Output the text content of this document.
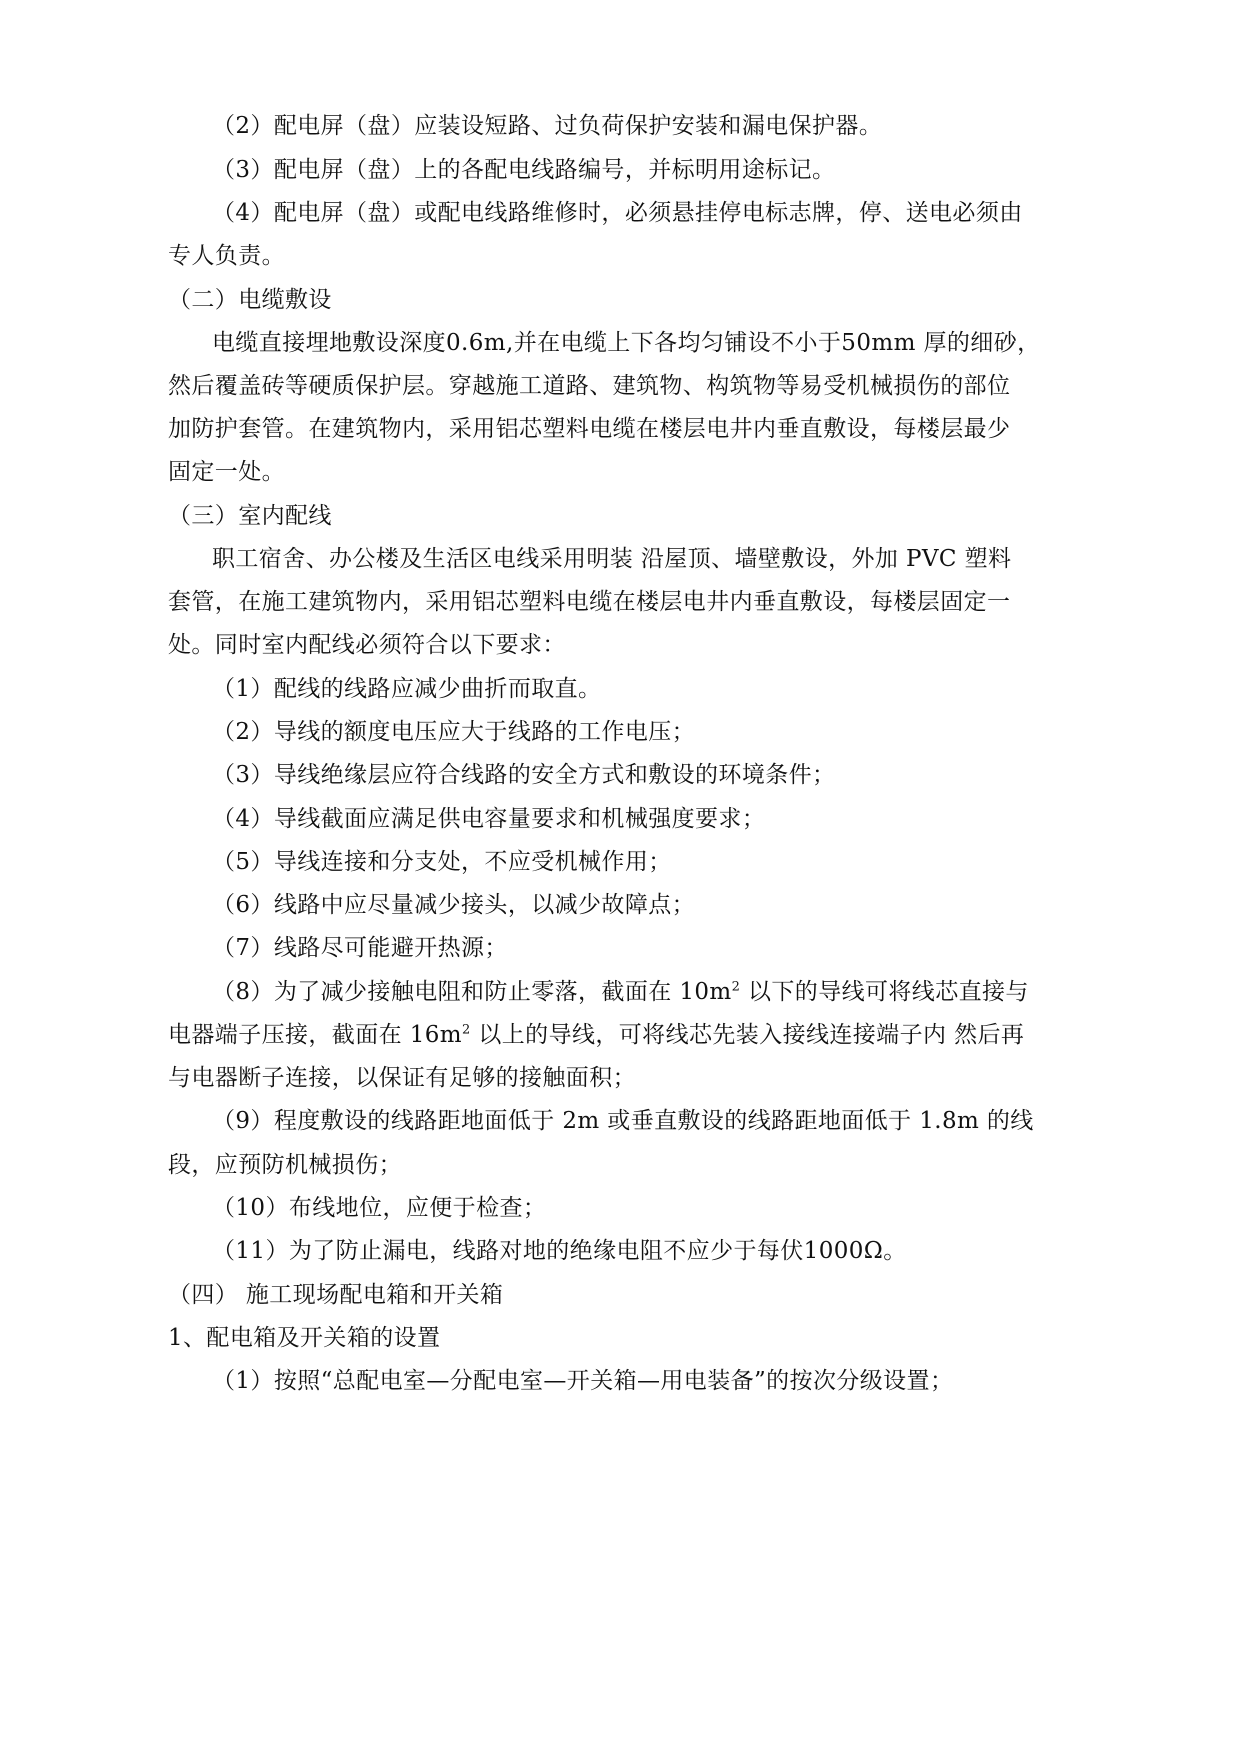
（2）配电屏（盘）应装设短路、过负荷保护安装和漏电保护器。
（3）配电屏（盘）上的各配电线路编号，并标明用途标记。
（4）配电屏（盘）或配电线路维修时，必须悬挂停电标志牌，停、送电必须由
专人负责。
（二）电缆敷设
电缆直接埋地敷设深度0.6m,并在电缆上下各均匀铺设不小于50mm 厚的细砂，
然后覆盖砖等硬质保护层。穿越施工道路、建筑物、构筑物等易受机械损伤的部位
加防护套管。在建筑物内，采用铝芯塑料电缆在楼层电井内垂直敷设，每楼层最少
固定一处。
（三）室内配线
职工宿舍、办公楼及生活区电线采用明装 沿屋顶、墙壁敷设，外加 PVC 塑料
套管，在施工建筑物内，采用铝芯塑料电缆在楼层电井内垂直敷设，每楼层固定一
处。同时室内配线必须符合以下要求：
（1）配线的线路应减少曲折而取直。
（2）导线的额度电压应大于线路的工作电压；
（3）导线绝缘层应符合线路的安全方式和敷设的环境条件；
（4）导线截面应满足供电容量要求和机械强度要求；
（5）导线连接和分支处，不应受机械作用；
（6）线路中应尽量减少接头，以减少故障点；
（7）线路尽可能避开热源；
（8）为了减少接触电阻和防止零落，截面在 $10m^2$ 以下的导线可将线芯直接与
电器端子压接，截面在 $16m^2$ 以上的导线，可将线芯先装入接线连接端子内 然后再
与电器断子连接，以保证有足够的接触面积；
（9）程度敷设的线路距地面低于 2m 或垂直敷设的线路距地面低于 1.8m 的线
段，应预防机械损伤；
（10）布线地位，应便于检查；
（11）为了防止漏电，线路对地的绝缘电阻不应少于每伏1000Ω。
（四） 施工现场配电箱和开关箱
1、配电箱及开关箱的设置
（1）按照“总配电室—分配电室—开关箱—用电装备”的按次分级设置；
